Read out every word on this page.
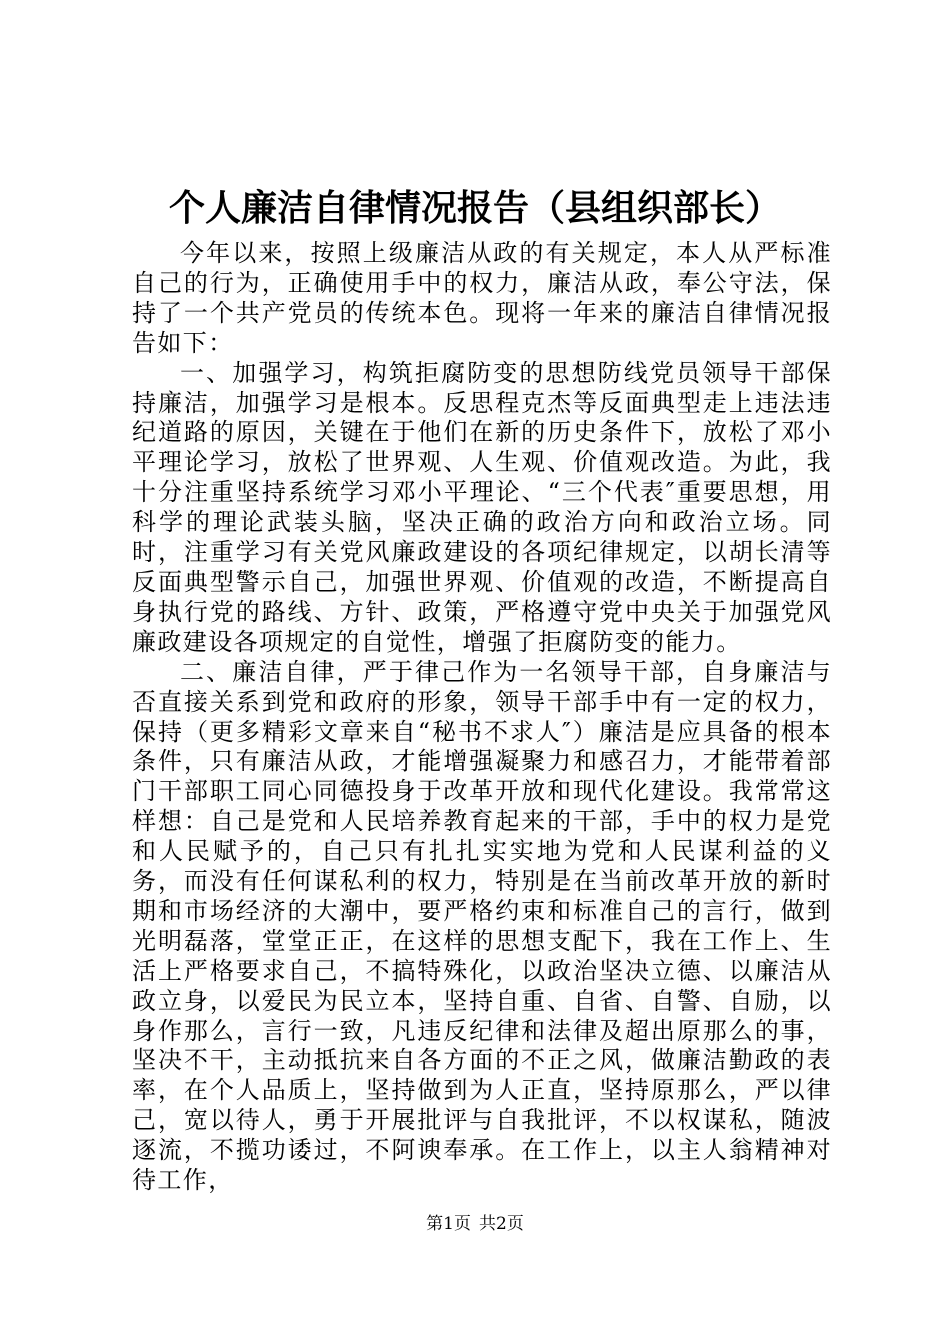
个人廉洁自律情况报告（县组织部长）

今年以来，按照上级廉洁从政的有关规定，本人从严标准自己的行为，正确使用手中的权力，廉洁从政，奉公守法，保持了一个共产党员的传统本色。现将一年来的廉洁自律情况报告如下：

一、加强学习，构筑拒腐防变的思想防线党员领导干部保持廉洁，加强学习是根本。反思程克杰等反面典型走上违法违纪道路的原因，关键在于他们在新的历史条件下，放松了邓小平理论学习，放松了世界观、人生观、价值观改造。为此，我十分注重坚持系统学习邓小平理论、“三个代表″重要思想，用科学的理论武装头脑，坚决正确的政治方向和政治立场。同时，注重学习有关党风廉政建设的各项纪律规定，以胡长清等反面典型警示自己，加强世界观、价值观的改造，不断提高自身执行党的路线、方针、政策，严格遵守党中央关于加强党风廉政建设各项规定的自觉性，增强了拒腐防变的能力。

二、廉洁自律，严于律己作为一名领导干部，自身廉洁与否直接关系到党和政府的形象，领导干部手中有一定的权力，保持（更多精彩文章来自“秘书不求人″）廉洁是应具备的根本条件，只有廉洁从政，才能增强凝聚力和感召力，才能带着部门干部职工同心同德投身于改革开放和现代化建设。我常常这样想：自己是党和人民培养教育起来的干部，手中的权力是党和人民赋予的，自己只有扎扎实实地为党和人民谋利益的义务，而没有任何谋私利的权力，特别是在当前改革开放的新时期和市场经济的大潮中，要严格约束和标准自己的言行，做到光明磊落，堂堂正正，在这样的思想支配下，我在工作上、生活上严格要求自己，不搞特殊化，以政治坚决立德、以廉洁从政立身，以爱民为民立本，坚持自重、自省、自警、自励，以身作那么，言行一致，凡违反纪律和法律及超出原那么的事，坚决不干，主动抵抗来自各方面的不正之风，做廉洁勤政的表率，在个人品质上，坚持做到为人正直，坚持原那么，严以律己，宽以待人，勇于开展批评与自我批评，不以权谋私，随波逐流，不揽功诿过，不阿谀奉承。在工作上，以主人翁精神对待工作，

第1页 共2页
